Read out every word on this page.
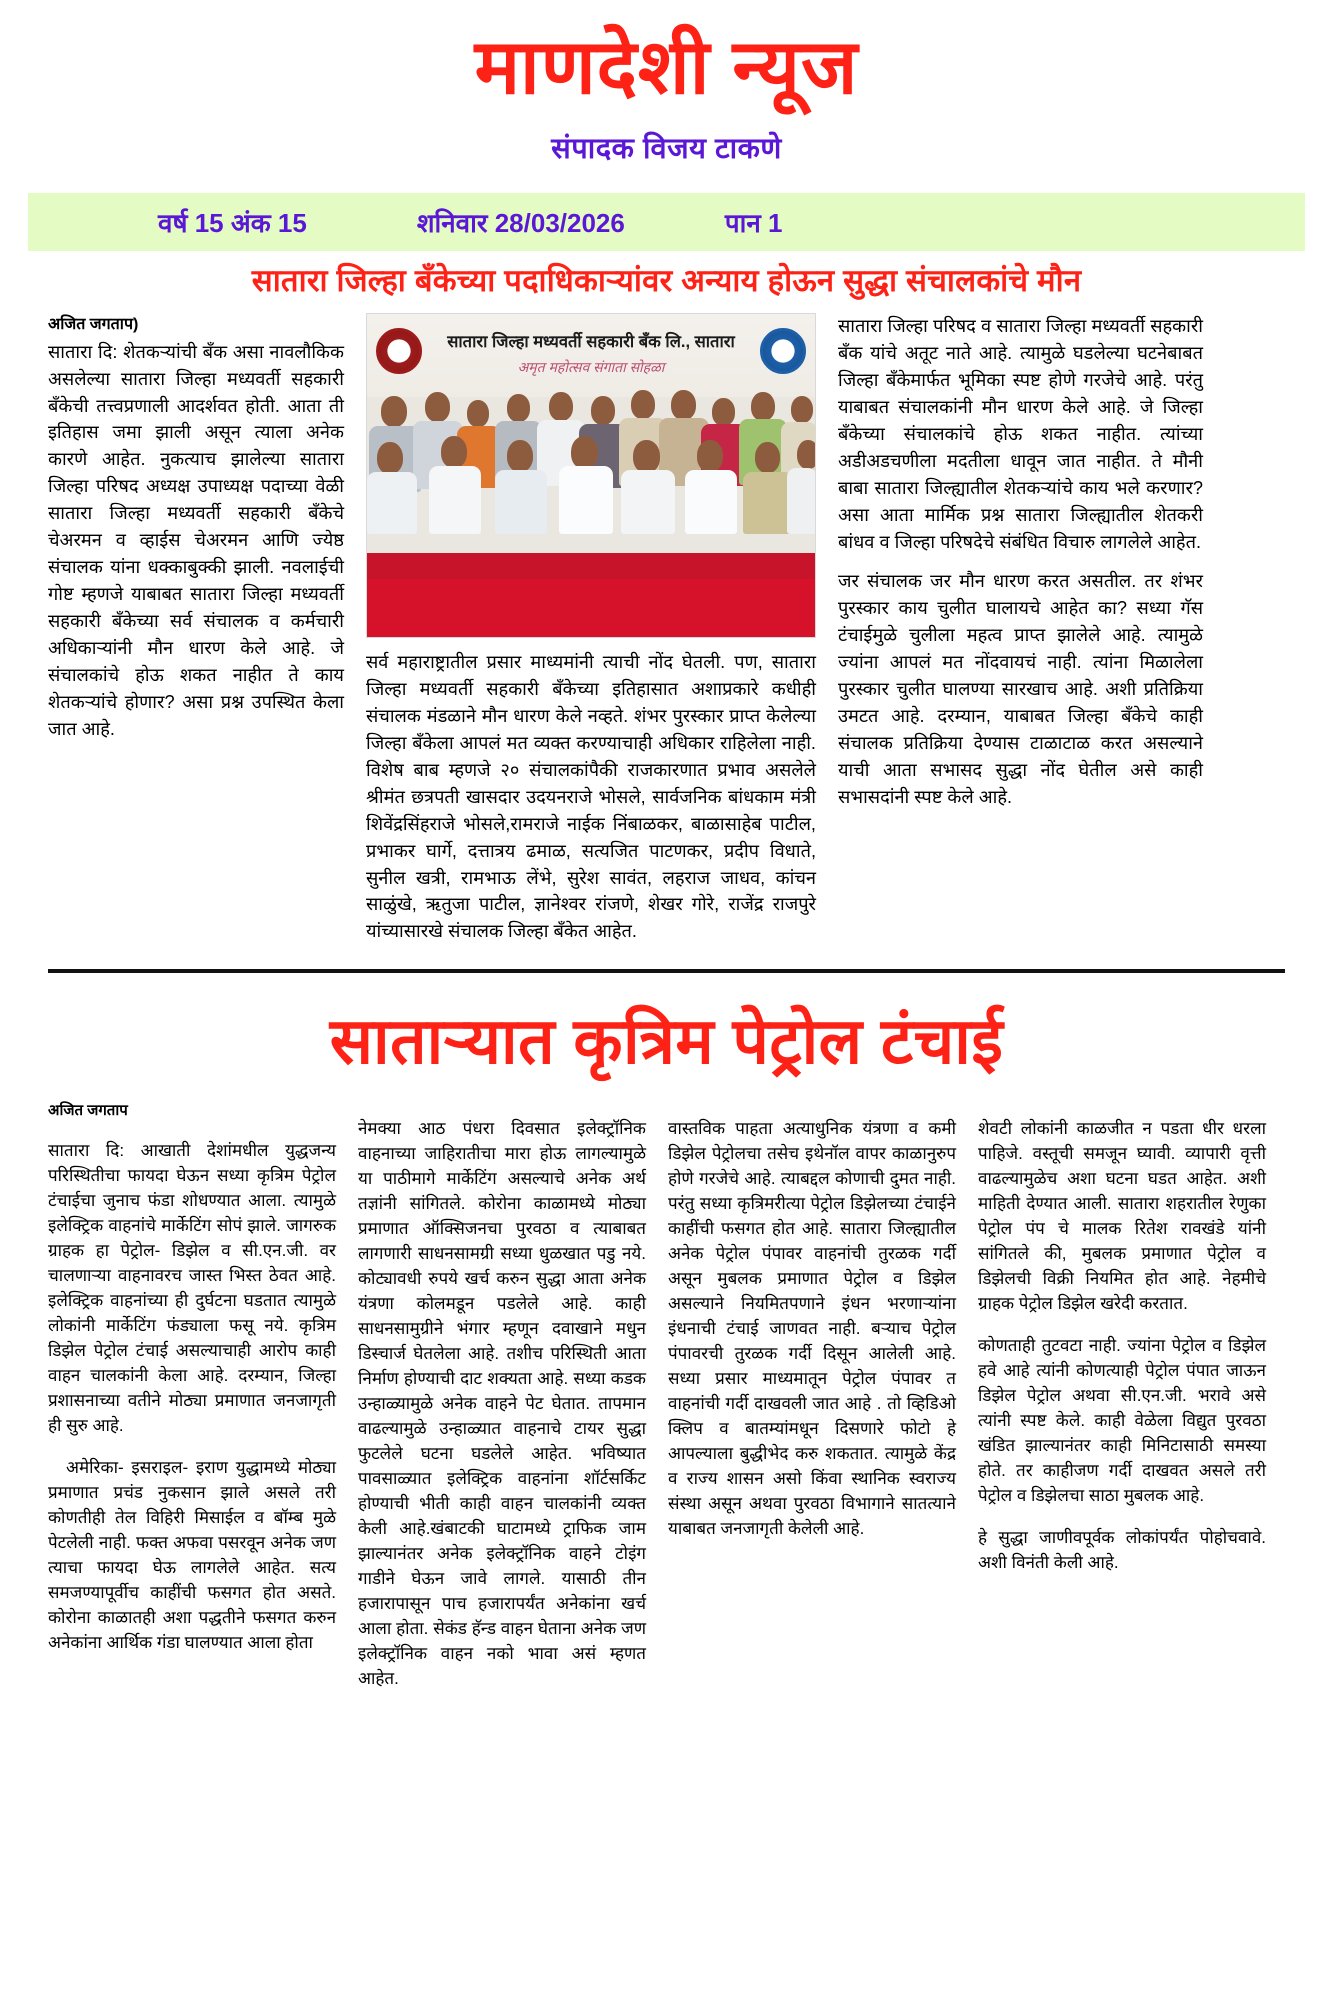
माणदेशी न्यूज
संपादक विजय टाकणे
वर्ष 15 अंक 15	शनिवार 28/03/2026	पान 1
सातारा जिल्हा बँकेच्या पदाधिकाऱ्यांवर अन्याय होऊन सुद्धा संचालकांचे मौन
अजित जगताप)

सातारा दि: शेतकऱ्यांची बँक असा नावलौकिक असलेल्या सातारा जिल्हा मध्यवर्ती सहकारी बँकेची तत्त्वप्रणाली आदर्शवत होती. आता ती इतिहास जमा झाली असून त्याला अनेक कारणे आहेत. नुकत्याच झालेल्या सातारा जिल्हा परिषद अध्यक्ष उपाध्यक्ष पदाच्या वेळी सातारा जिल्हा मध्यवर्ती सहकारी बँकेचे चेअरमन व व्हाईस चेअरमन आणि ज्येष्ठ संचालक यांना धक्काबुक्की झाली. नवलाईची गोष्ट म्हणजे याबाबत सातारा जिल्हा मध्यवर्ती सहकारी बँकेच्या सर्व संचालक व कर्मचारी अधिकाऱ्यांनी मौन धारण केले आहे. जे संचालकांचे होऊ शकत नाहीत ते काय शेतकऱ्यांचे होणार? असा प्रश्न उपस्थित केला जात आहे.

सातारा जिल्हा मध्यवर्ती सहकारी बँक लि., सातारा
अमृत महोत्सव संगाता सोहळा

सर्व महाराष्ट्रातील प्रसार माध्यमांनी त्याची नोंद घेतली. पण, सातारा जिल्हा मध्यवर्ती सहकारी बँकेच्या इतिहासात अशाप्रकारे कधीही संचालक मंडळाने मौन धारण केले नव्हते. शंभर पुरस्कार प्राप्त केलेल्या जिल्हा बँकेला आपलं मत व्यक्त करण्याचाही अधिकार राहिलेला नाही. विशेष बाब म्हणजे २० संचालकांपैकी राजकारणात प्रभाव असलेले श्रीमंत छत्रपती खासदार उदयनराजे भोसले, सार्वजनिक बांधकाम मंत्री शिवेंद्रसिंहराजे भोसले,रामराजे नाईक निंबाळकर, बाळासाहेब पाटील, प्रभाकर घार्गे, दत्तात्रय ढमाळ, सत्यजित पाटणकर, प्रदीप विधाते, सुनील खत्री, रामभाऊ लेंभे, सुरेश सावंत, लहराज जाधव, कांचन साळुंखे, ऋतुजा पाटील, ज्ञानेश्वर रांजणे, शेखर गोरे, राजेंद्र राजपुरे यांच्यासारखे संचालक जिल्हा बँकेत आहेत.

सातारा जिल्हा परिषद व सातारा जिल्हा मध्यवर्ती सहकारी बँक यांचे अतूट नाते आहे. त्यामुळे घडलेल्या घटनेबाबत जिल्हा बँकेमार्फत भूमिका स्पष्ट होणे गरजेचे आहे. परंतु याबाबत संचालकांनी मौन धारण केले आहे. जे जिल्हा बँकेच्या संचालकांचे होऊ शकत नाहीत. त्यांच्या अडीअडचणीला मदतीला धावून जात नाहीत. ते मौनी बाबा सातारा जिल्ह्यातील शेतकऱ्यांचे काय भले करणार? असा आता मार्मिक प्रश्न सातारा जिल्ह्यातील शेतकरी बांधव व जिल्हा परिषदेचे संबंधित विचारु लागलेले आहेत.

जर संचालक जर मौन धारण करत असतील. तर शंभर पुरस्कार काय चुलीत घालायचे आहेत का? सध्या गॅस टंचाईमुळे चुलीला महत्व प्राप्त झालेले आहे. त्यामुळे ज्यांना आपलं मत नोंदवायचं नाही. त्यांना मिळालेला पुरस्कार चुलीत घालण्या सारखाच आहे. अशी प्रतिक्रिया उमटत आहे. दरम्यान, याबाबत जिल्हा बँकेचे काही संचालक प्रतिक्रिया देण्यास टाळाटाळ करत असल्याने याची आता सभासद सुद्धा नोंद घेतील असे काही सभासदांनी स्पष्ट केले आहे.

साताऱ्यात कृत्रिम पेट्रोल टंचाई
अजित जगताप

सातारा दि: आखाती देशांमधील युद्धजन्य परिस्थितीचा फायदा घेऊन सध्या कृत्रिम पेट्रोल टंचाईचा जुनाच फंडा शोधण्यात आला. त्यामुळे इलेक्ट्रिक वाहनांचे मार्केटिंग सोपं झाले. जागरुक ग्राहक हा पेट्रोल- डिझेल व सी.एन.जी. वर चालणाऱ्या वाहनावरच जास्त भिस्त ठेवत आहे. इलेक्ट्रिक वाहनांच्या ही दुर्घटना घडतात त्यामुळे लोकांनी मार्केटिंग फंड्याला फसू नये. कृत्रिम डिझेल पेट्रोल टंचाई असल्याचाही आरोप काही वाहन चालकांनी केला आहे. दरम्यान, जिल्हा प्रशासनाच्या वतीने मोठ्या प्रमाणात जनजागृती ही सुरु आहे.

अमेरिका- इसराइल- इराण युद्धामध्ये मोठ्या प्रमाणात प्रचंड नुकसान झाले असले तरी कोणतीही तेल विहिरी मिसाईल व बॉम्ब मुळे पेटलेली नाही. फक्त अफवा पसरवून अनेक जण त्याचा फायदा घेऊ लागलेले आहेत. सत्य समजण्यापूर्वीच काहींची फसगत होत असते. कोरोना काळातही अशा पद्धतीने फसगत करुन अनेकांना आर्थिक गंडा घालण्यात आला होता

नेमक्या आठ पंधरा दिवसात इलेक्ट्रॉनिक वाहनाच्या जाहिरातीचा मारा होऊ लागल्यामुळे या पाठीमागे मार्केटिंग असल्याचे अनेक अर्थ तज्ञांनी सांगितले. कोरोना काळामध्ये मोठ्या प्रमाणात ऑक्सिजनचा पुरवठा व त्याबाबत लागणारी साधनसामग्री सध्या धुळखात पडु नये. कोट्यावधी रुपये खर्च करुन सुद्धा आता अनेक यंत्रणा कोलमडून पडलेले आहे. काही साधनसामुग्रीने भंगार म्हणून दवाखाने मधुन डिस्चार्ज घेतलेला आहे. तशीच परिस्थिती आता निर्माण होण्याची दाट शक्यता आहे. सध्या कडक उन्हाळ्यामुळे अनेक वाहने पेट घेतात. तापमान वाढल्यामुळे उन्हाळ्यात वाहनाचे टायर सुद्धा फुटलेले घटना घडलेले आहेत. भविष्यात पावसाळ्यात इलेक्ट्रिक वाहनांना शॉर्टसर्किट होण्याची भीती काही वाहन चालकांनी व्यक्त केली आहे.खंबाटकी घाटामध्ये ट्राफिक जाम झाल्यानंतर अनेक इलेक्ट्रॉनिक वाहने टोइंग गाडीने घेऊन जावे लागले. यासाठी तीन हजारापासून पाच हजारापर्यंत अनेकांना खर्च आला होता. सेकंड हॅन्ड वाहन घेताना अनेक जण इलेक्ट्रॉनिक वाहन नको भावा असं म्हणत आहेत.

वास्तविक पाहता अत्याधुनिक यंत्रणा व कमी डिझेल पेट्रोलचा तसेच इथेनॉल वापर काळानुरुप होणे गरजेचे आहे. त्याबद्दल कोणाची दुमत नाही. परंतु सध्या कृत्रिमरीत्या पेट्रोल डिझेलच्या टंचाईने काहींची फसगत होत आहे. सातारा जिल्ह्यातील अनेक पेट्रोल पंपावर वाहनांची तुरळक गर्दी असून मुबलक प्रमाणात पेट्रोल व डिझेल असल्याने नियमितपणाने इंधन भरणाऱ्यांना इंधनाची टंचाई जाणवत नाही. बऱ्याच पेट्रोल पंपावरची तुरळक गर्दी दिसून आलेली आहे. सध्या प्रसार माध्यमातून पेट्रोल पंपावर त वाहनांची गर्दी दाखवली जात आहे . तो व्हिडिओ क्लिप व बातम्यांमधून दिसणारे फोटो हे आपल्याला बुद्धीभेद करु शकतात. त्यामुळे केंद्र व राज्य शासन असो किंवा स्थानिक स्वराज्य संस्था असून अथवा पुरवठा विभागाने सातत्याने याबाबत जनजागृती केलेली आहे.

शेवटी लोकांनी काळजीत न पडता धीर धरला पाहिजे. वस्तूची समजून घ्यावी. व्यापारी वृत्ती वाढल्यामुळेच अशा घटना घडत आहेत. अशी माहिती देण्यात आली. सातारा शहरातील रेणुका पेट्रोल पंप चे मालक रितेश रावखंडे यांनी सांगितले की, मुबलक प्रमाणात पेट्रोल व डिझेलची विक्री नियमित होत आहे. नेहमीचे ग्राहक पेट्रोल डिझेल खरेदी करतात.

कोणताही तुटवटा नाही. ज्यांना पेट्रोल व डिझेल हवे आहे त्यांनी कोणत्याही पेट्रोल पंपात जाऊन डिझेल पेट्रोल अथवा सी.एन.जी. भरावे असे त्यांनी स्पष्ट केले. काही वेळेला विद्युत पुरवठा खंडित झाल्यानंतर काही मिनिटासाठी समस्या होते. तर काहीजण गर्दी दाखवत असले तरी पेट्रोल व डिझेलचा साठा मुबलक आहे.

हे सुद्धा जाणीवपूर्वक लोकांपर्यंत पोहोचवावे. अशी विनंती केली आहे.
